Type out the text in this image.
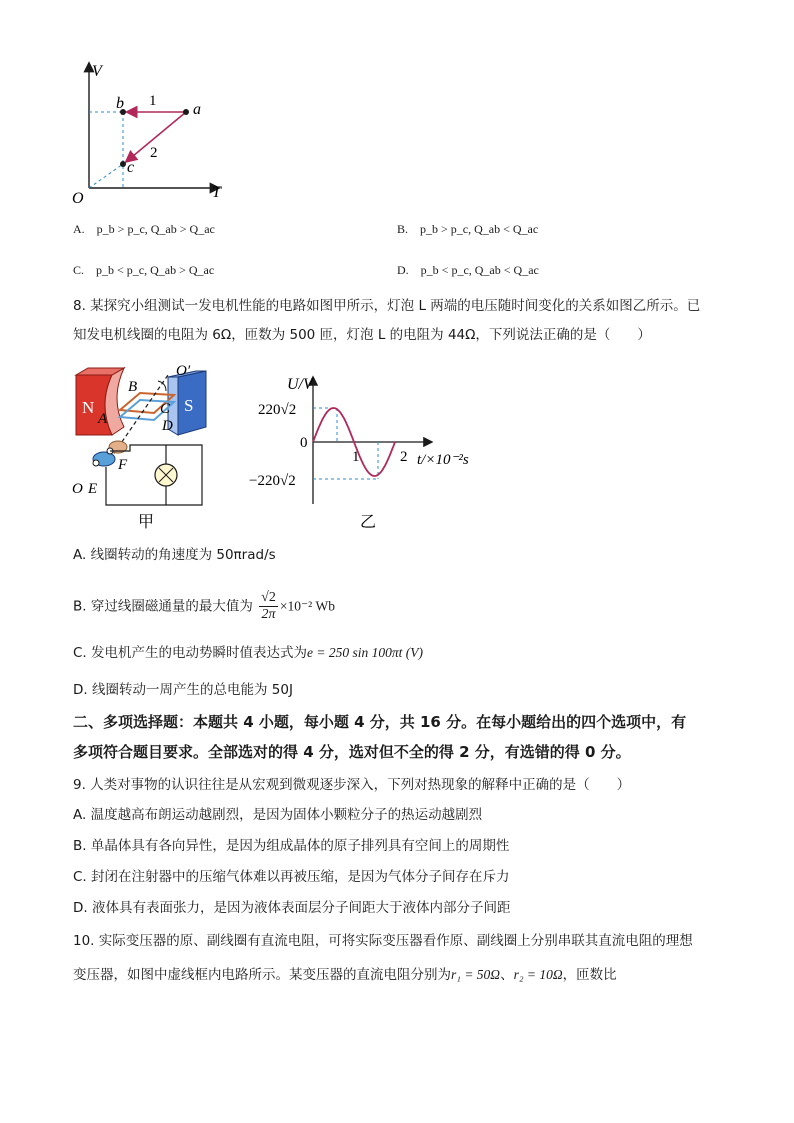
V
T
O
a
b
c
1
2
A. p_b > p_c, Q_ab > Q_ac	B. p_b > p_c, Q_ab < Q_ac
C. p_b < p_c, Q_ab > Q_ac	D. p_b < p_c, Q_ab < Q_ac
8. 某探究小组测试一发电机性能的电路如图甲所示，灯泡 L 两端的电压随时间变化的关系如图乙所示。已
知发电机线圈的电阻为 6Ω，匝数为 500 匝，灯泡 L 的电阻为 44Ω，下列说法正确的是（　　）
N	S
A
B
C
D
F
E
O
O′
甲
U/V
t/×10⁻²s
220√2
−220√2
0
1	2
乙
A. 线圈转动的角速度为 50πrad/s
B. 穿过线圈磁通量的最大值为 $\frac{√2}{2\pi} \times 10^{-2}$ Wb
C. 发电机产生的电动势瞬时值表达式为e = 250 sin 100πt (V)
D. 线圈转动一周产生的总电能为 50J
二、多项选择题：本题共 4 小题，每小题 4 分，共 16 分。在每小题给出的四个选项中，有
多项符合题目要求。全部选对的得 4 分，选对但不全的得 2 分，有选错的得 0 分。
9. 人类对事物的认识往往是从宏观到微观逐步深入，下列对热现象的解释中正确的是（　　）
A. 温度越高布朗运动越剧烈，是因为固体小颗粒分子的热运动越剧烈
B. 单晶体具有各向异性，是因为组成晶体的原子排列具有空间上的周期性
C. 封闭在注射器中的压缩气体难以再被压缩，是因为气体分子间存在斥力
D. 液体具有表面张力，是因为液体表面层分子间距大于液体内部分子间距
10. 实际变压器的原、副线圈有直流电阻，可将实际变压器看作原、副线圈上分别串联其直流电阻的理想
变压器，如图中虚线框内电路所示。某变压器的直流电阻分别为r₁ = 50Ω、r₂ = 10Ω，匝数比
